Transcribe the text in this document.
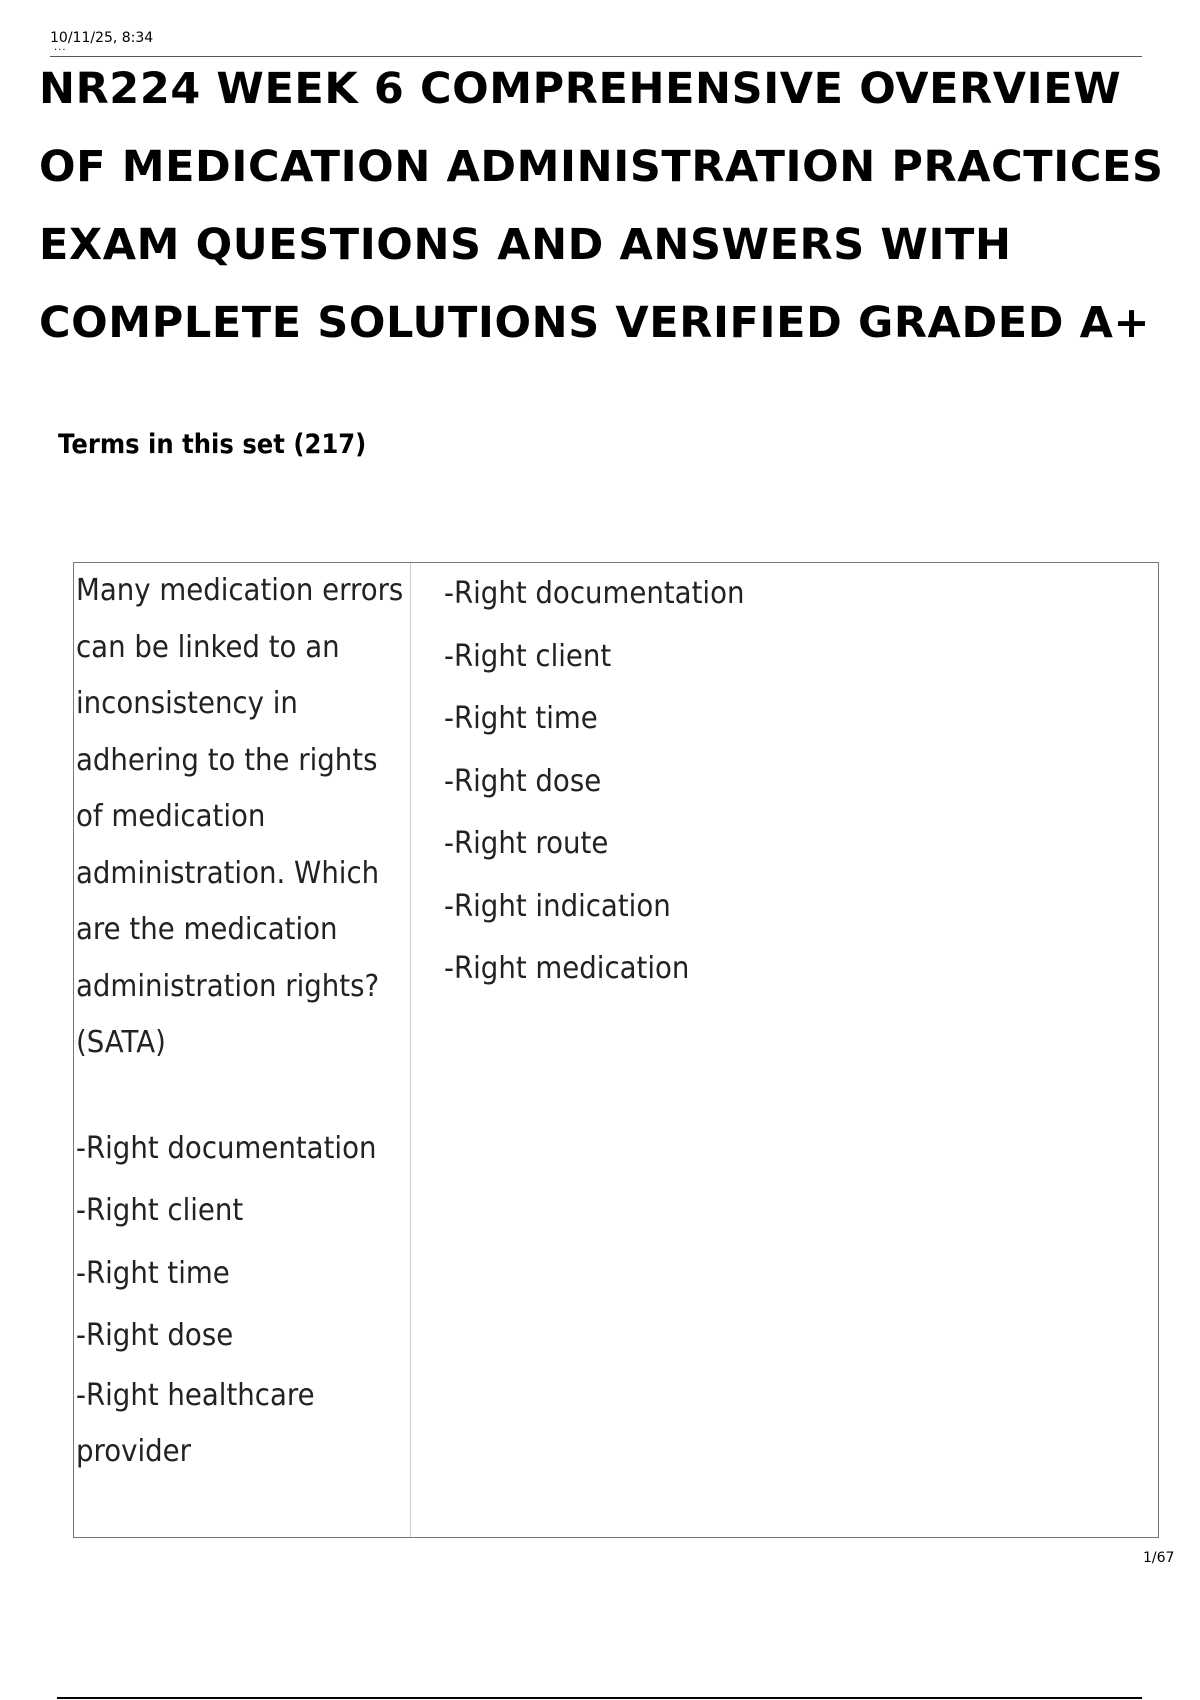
10/11/25, 8:34
···
NR224 WEEK 6 COMPREHENSIVE OVERVIEW OF MEDICATION ADMINISTRATION PRACTICES EXAM QUESTIONS AND ANSWERS WITH COMPLETE SOLUTIONS VERIFIED GRADED A+
Terms in this set (217)
Many medication errors can be linked to an inconsistency in adhering to the rights of medication administration. Which are the medication administration rights? (SATA)
-Right documentation
-Right client
-Right time
-Right dose
-Right healthcare provider
-Right documentation
-Right client
-Right time
-Right dose
-Right route
-Right indication
-Right medication
1/67
